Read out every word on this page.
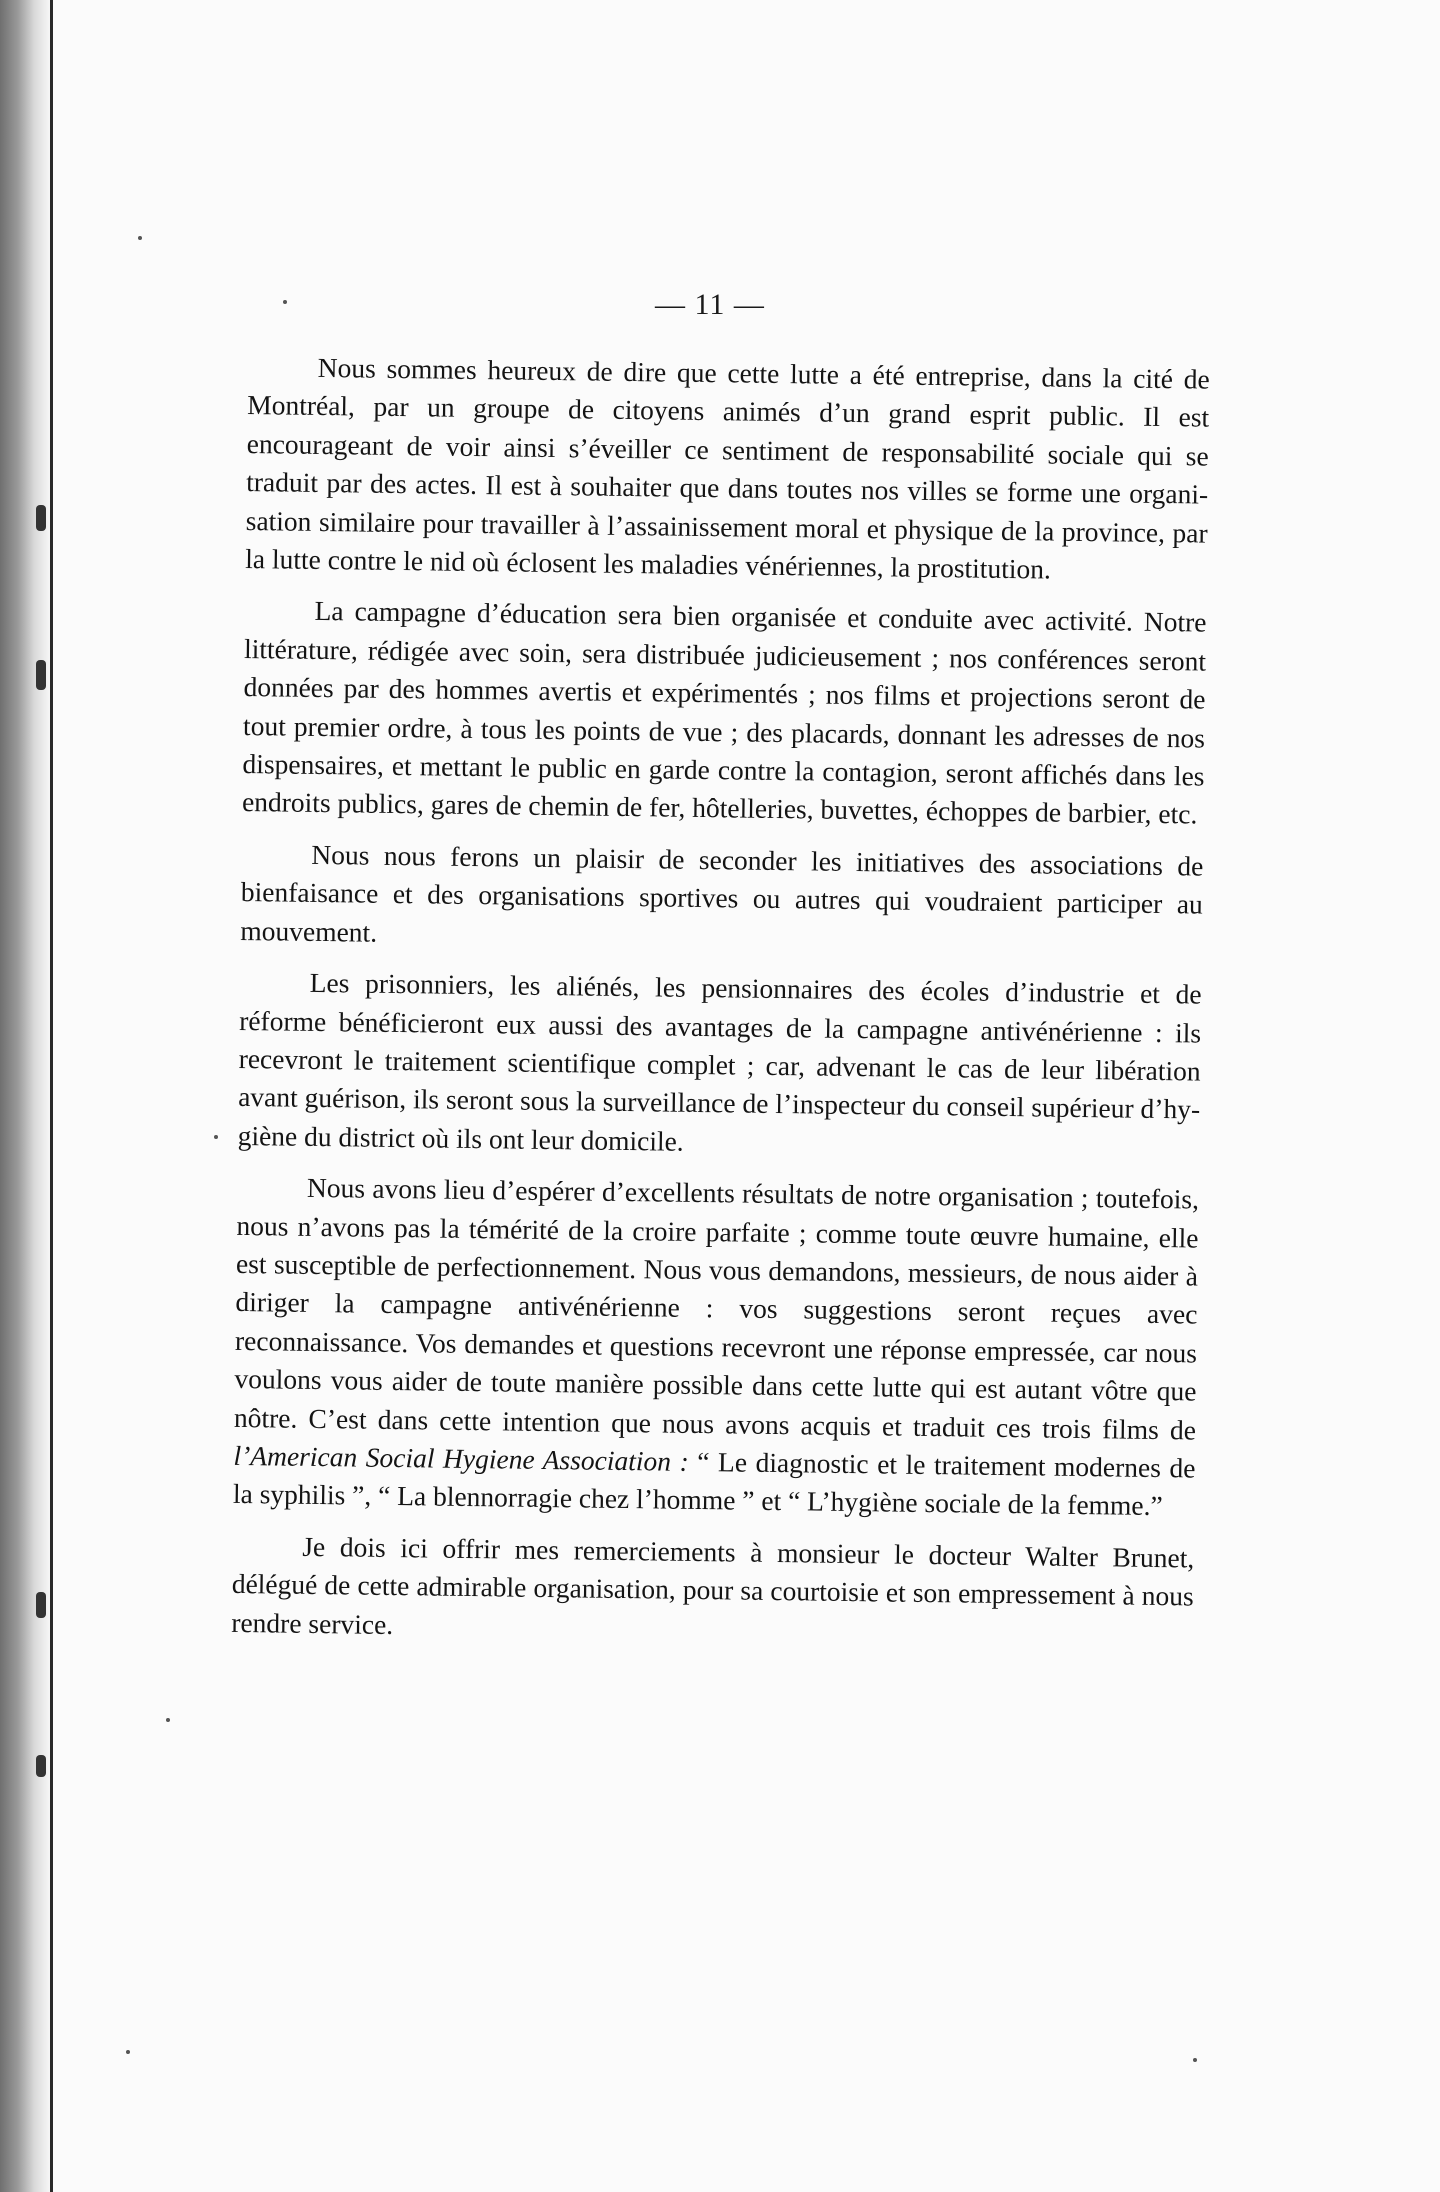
— 11 —

Nous sommes heureux de dire que cette lutte a été entreprise, dans la cité de Montréal, par un groupe de citoyens animés d’un grand esprit public. Il est encourageant de voir ainsi s’éveiller ce sentiment de responsabilité sociale qui se traduit par des actes. Il est à souhaiter que dans toutes nos villes se forme une organisation similaire pour travailler à l’assainissement moral et physique de la province, par la lutte contre le nid où éclosent les maladies vénériennes, la prostitution.

La campagne d’éducation sera bien organisée et conduite avec activité. Notre littérature, rédigée avec soin, sera distribuée judicieusement ; nos conférences seront données par des hommes avertis et expérimentés ; nos films et projections seront de tout premier ordre, à tous les points de vue ; des placards, donnant les adresses de nos dispensaires, et mettant le public en garde contre la contagion, seront affichés dans les endroits publics, gares de chemin de fer, hôtelleries, buvettes, échoppes de barbier, etc.

Nous nous ferons un plaisir de seconder les initiatives des associations de bienfaisance et des organisations sportives ou autres qui voudraient participer au mouvement.

Les prisonniers, les aliénés, les pensionnaires des écoles d’industrie et de réforme bénéficieront eux aussi des avantages de la campagne antivénérienne : ils recevront le traitement scientifique complet ; car, advenant le cas de leur libération avant guérison, ils seront sous la surveillance de l’inspecteur du conseil supérieur d’hygiène du district où ils ont leur domicile.

Nous avons lieu d’espérer d’excellents résultats de notre organisation ; toutefois, nous n’avons pas la témérité de la croire parfaite ; comme toute œuvre humaine, elle est susceptible de perfectionnement. Nous vous demandons, messieurs, de nous aider à diriger la campagne antivénérienne : vos suggestions seront reçues avec reconnaissance. Vos demandes et questions recevront une réponse empressée, car nous voulons vous aider de toute manière possible dans cette lutte qui est autant vôtre que nôtre. C’est dans cette intention que nous avons acquis et traduit ces trois films de l’American Social Hygiene Association : “ Le diagnostic et le traitement modernes de la syphilis ”, “ La blennorragie chez l’homme ” et “ L’hygiène sociale de la femme.”

Je dois ici offrir mes remerciements à monsieur le docteur Walter Brunet, délégué de cette admirable organisation, pour sa courtoisie et son empressement à nous rendre service.
